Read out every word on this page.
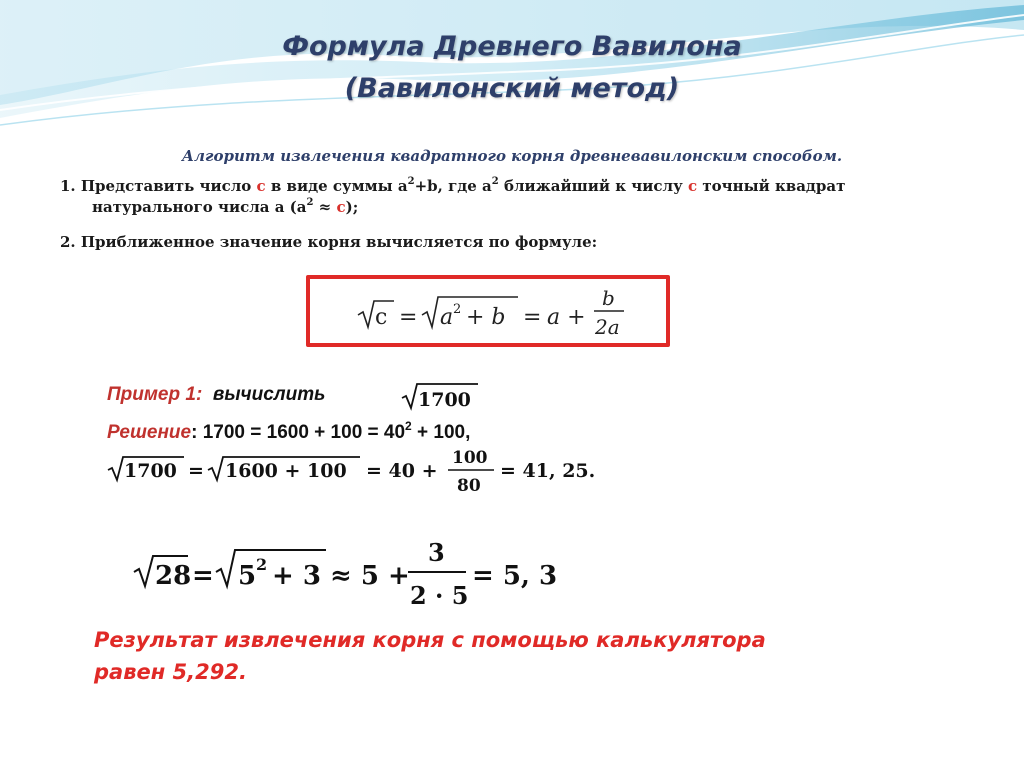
Формула Древнего Вавилона
(Вавилонский метод)
Алгоритм извлечения квадратного корня древневавилонским способом.
1. Представить число с в виде суммы $а^2+b$, где $а^2$ ближайший к числу с точный квадрат
натурального числа а $(а^2 \approx с)$;
2. Приближенное значение корня вычисляется по формуле:
c = a 2 + b = a +
b
2a
Пример 1: вычислить	1700
Решение: $1700 = 1600 + 100 = 40^2 + 100$,
1700 = 1600 + 100 = 40 +
100
80
= 41, 25.
28 = 5 2 + 3 ≈ 5 +
3
2 · 5
= 5, 3
Результат извлечения корня с помощью калькулятора
равен 5,292.
